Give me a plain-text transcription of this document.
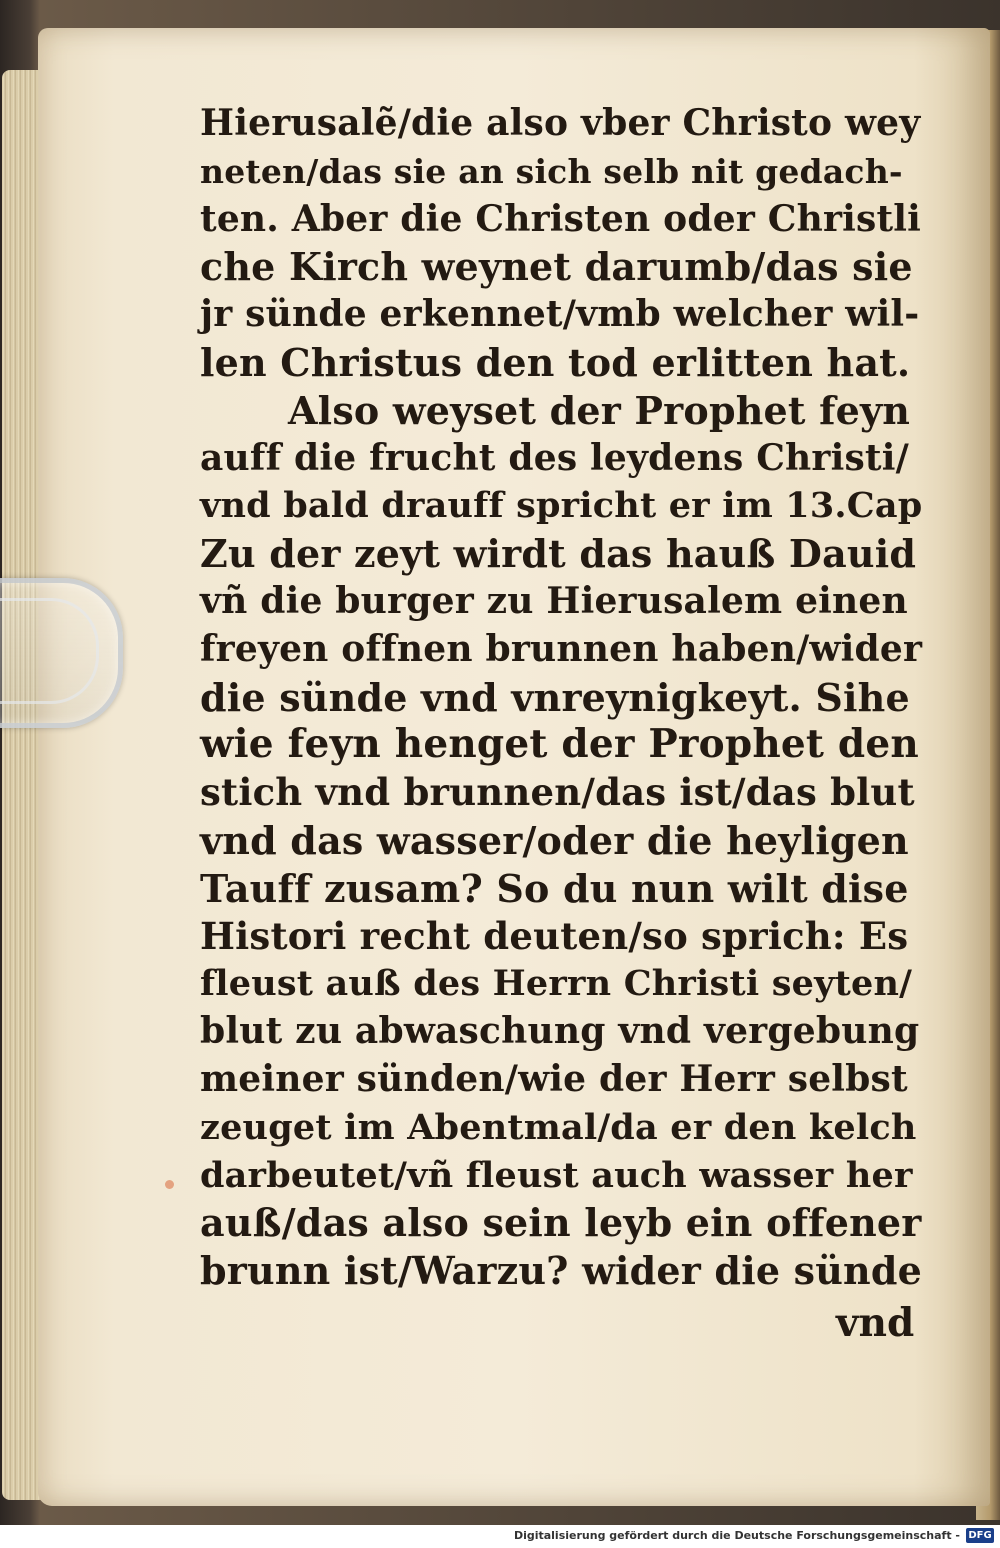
Hierusalẽ/die also vber Christo wey
neten/das sie an sich selb nit gedach-
ten. Aber die Christen oder Christli
che Kirch weynet darumb/das sie
jr sünde erkennet/vmb welcher wil-
len Christus den tod erlitten hat.
Also weyset der Prophet feyn
auff die frucht des leydens Christi/
vnd bald drauff spricht er im 13.Cap
Zu der zeyt wirdt das hauß Dauid
vñ die burger zu Hierusalem einen
freyen offnen brunnen haben/wider
die sünde vnd vnreynigkeyt. Sihe
wie feyn henget der Prophet den
stich vnd brunnen/das ist/das blut
vnd das wasser/oder die heyligen
Tauff zusam? So du nun wilt dise
Histori recht deuten/so sprich: Es
fleust auß des Herrn Christi seyten/
blut zu abwaschung vnd vergebung
meiner sünden/wie der Herr selbst
zeuget im Abentmal/da er den kelch
darbeutet/vñ fleust auch wasser her
auß/das also sein leyb ein offener
brunn ist/Warzu? wider die sünde
vnd
Digitalisierung gefördert durch die Deutsche Forschungsgemeinschaft - DFG
